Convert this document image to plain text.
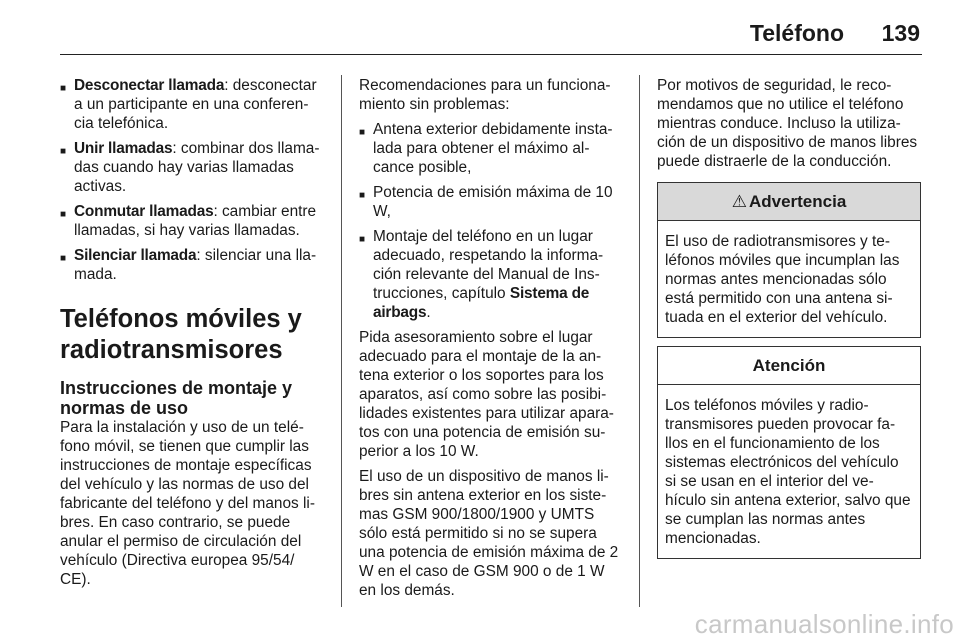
Teléfono 139
■ Desconectar llamada: desconectar a un participante en una conferen-cia telefónica.
■ Unir llamadas: combinar dos llama-das cuando hay varias llamadas activas.
■ Conmutar llamadas: cambiar entre llamadas, si hay varias llamadas.
■ Silenciar llamada: silenciar una lla-mada.
Teléfonos móviles y radiotransmisores
Instrucciones de montaje y normas de uso

Para la instalación y uso de un telé-fono móvil, se tienen que cumplir las instrucciones de montaje específicas del vehículo y las normas de uso del fabricante del teléfono y del manos li-bres. En caso contrario, se puede anular el permiso de circulación del vehículo (Directiva europea 95/54/ CE).

Recomendaciones para un funciona-miento sin problemas:

■ Antena exterior debidamente insta-lada para obtener el máximo al-cance posible,
■ Potencia de emisión máxima de 10 W,
■ Montaje del teléfono en un lugar adecuado, respetando la informa-ción relevante del Manual de Ins-trucciones, capítulo Sistema de airbags.

Pida asesoramiento sobre el lugar adecuado para el montaje de la an-tena exterior o los soportes para los aparatos, así como sobre las posibi-lidades existentes para utilizar apara-tos con una potencia de emisión su-perior a los 10 W.

El uso de un dispositivo de manos li-bres sin antena exterior en los siste-mas GSM 900/1800/1900 y UMTS sólo está permitido si no se supera una potencia de emisión máxima de 2 W en el caso de GSM 900 o de 1 W en los demás.

Por motivos de seguridad, le reco-mendamos que no utilice el teléfono mientras conduce. Incluso la utiliza-ción de un dispositivo de manos libres puede distraerle de la conducción.

⚠ Advertencia
El uso de radiotransmisores y te-léfonos móviles que incumplan las normas antes mencionadas sólo está permitido con una antena si-tuada en el exterior del vehículo.
Atención
Los teléfonos móviles y radio-transmisores pueden provocar fa-llos en el funcionamiento de los sistemas electrónicos del vehículo si se usan en el interior del ve-hículo sin antena exterior, salvo que se cumplan las normas antes mencionadas.
carmanualsonline.info
